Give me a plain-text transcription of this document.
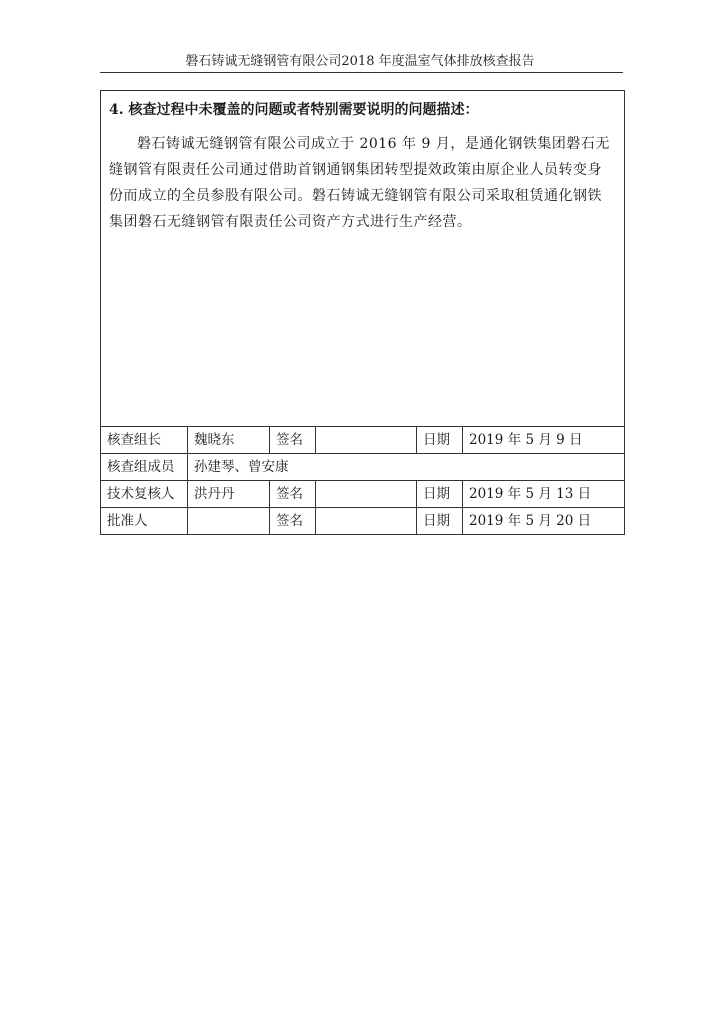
磐石铸诚无缝钢管有限公司2018 年度温室气体排放核查报告

4. 核查过程中未覆盖的问题或者特别需要说明的问题描述：

磐石铸诚无缝钢管有限公司成立于 2016 年 9 月，是通化钢铁集团磐石无缝钢管有限责任公司通过借助首钢通钢集团转型提效政策由原企业人员转变身份而成立的全员参股有限公司。磐石铸诚无缝钢管有限公司采取租赁通化钢铁集团磐石无缝钢管有限责任公司资产方式进行生产经营。					

核查组长	魏晓东	签名		日期	2019 年 5 月 9 日
核查组成员	孙建琴、曾安康				
技术复核人	洪丹丹	签名		日期	2019 年 5 月 13 日
批准人		签名		日期	2019 年 5 月 20 日
